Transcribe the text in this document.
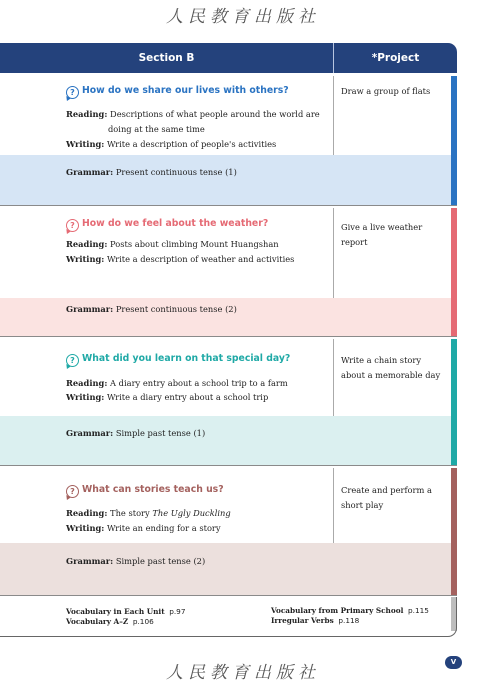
人民教育出版社
Section B	*Project
? How do we share our lives with others?
Reading: Descriptions of what people around the world are
doing at the same time
Writing: Write a description of people's activities
Grammar: Present continuous tense (1)
Draw a group of flats
? How do we feel about the weather?
Reading: Posts about climbing Mount Huangshan
Writing: Write a description of weather and activities
Grammar: Present continuous tense (2)
Give a live weather report
? What did you learn on that special day?
Reading: A diary entry about a school trip to a farm
Writing: Write a diary entry about a school trip
Grammar: Simple past tense (1)
Write a chain story about a memorable day
? What can stories teach us?
Reading: The story The Ugly Duckling
Writing: Write an ending for a story
Grammar: Simple past tense (2)
Create and perform a short play
Vocabulary in Each Unit p.97
Vocabulary A–Z p.106
Vocabulary from Primary School p.115
Irregular Verbs p.118
人民教育出版社
V
